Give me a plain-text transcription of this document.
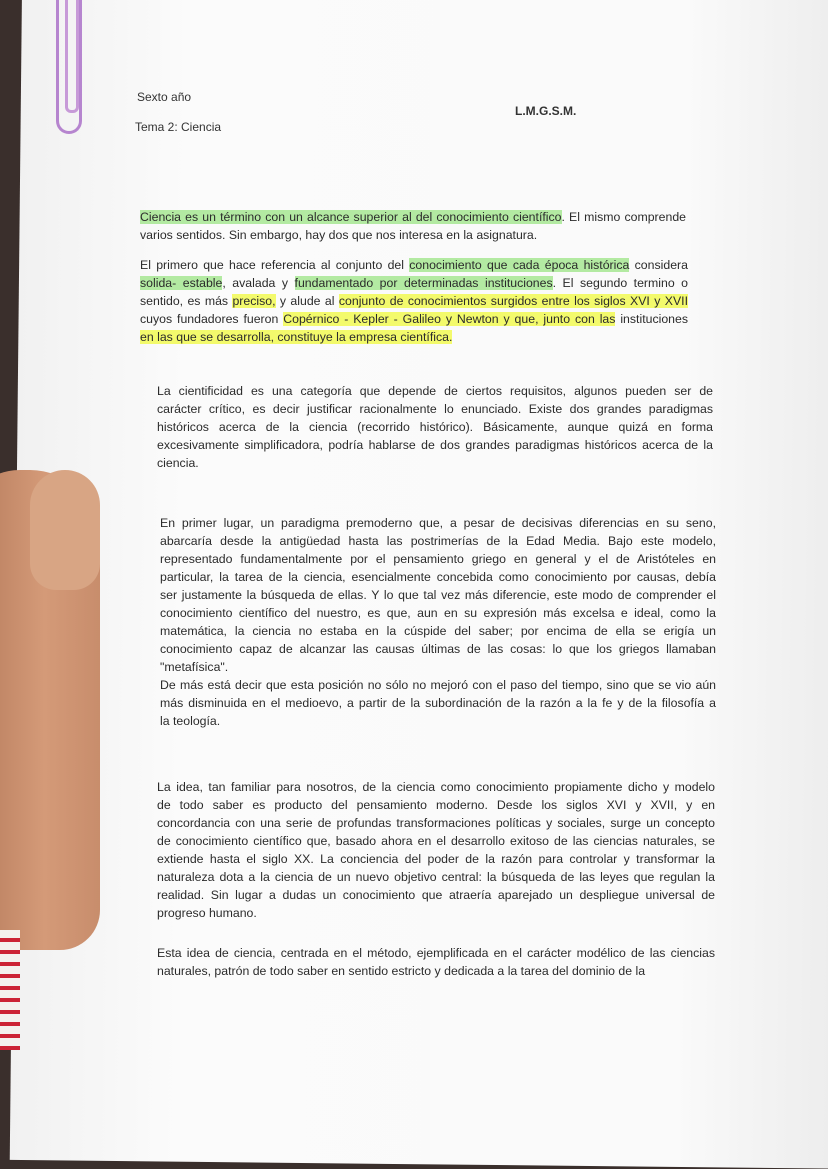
Sexto año
L.M.G.S.M.
Tema 2: Ciencia
Ciencia es un término con un alcance superior al del conocimiento científico. El mismo comprende
varios sentidos. Sin embargo, hay dos que nos interesa en la asignatura.
El primero que hace referencia al conjunto del conocimiento que cada época histórica considera
solida- estable, avalada y fundamentado por determinadas instituciones. El segundo termino o
sentido, es más preciso, y alude al conjunto de conocimientos surgidos entre los siglos XVI y XVII
cuyos fundadores fueron Copérnico - Kepler - Galileo y Newton y que, junto con las instituciones
en las que se desarrolla, constituye la empresa científica.
La cientificidad es una categoría que depende de ciertos requisitos, algunos pueden ser de
carácter crítico, es decir justificar racionalmente lo enunciado. Existe dos grandes paradigmas
históricos acerca de la ciencia (recorrido histórico). Básicamente, aunque quizá en forma
excesivamente simplificadora, podría hablarse de dos grandes paradigmas históricos acerca de la
ciencia.
En primer lugar, un paradigma premoderno que, a pesar de decisivas diferencias en su seno,
abarcaría desde la antigüedad hasta las postrimerías de la Edad Media. Bajo este modelo,
representado fundamentalmente por el pensamiento griego en general y el de Aristóteles en
particular, la tarea de la ciencia, esencialmente concebida como conocimiento por causas, debía
ser justamente la búsqueda de ellas. Y lo que tal vez más diferencie, este modo de comprender el
conocimiento científico del nuestro, es que, aun en su expresión más excelsa e ideal, como la
matemática, la ciencia no estaba en la cúspide del saber; por encima de ella se erigía un
conocimiento capaz de alcanzar las causas últimas de las cosas: lo que los griegos llamaban
"metafísica".
De más está decir que esta posición no sólo no mejoró con el paso del tiempo, sino que se vio aún
más disminuida en el medioevo, a partir de la subordinación de la razón a la fe y de la filosofía a
la teología.
La idea, tan familiar para nosotros, de la ciencia como conocimiento propiamente dicho y modelo
de todo saber es producto del pensamiento moderno. Desde los siglos XVI y XVII, y en
concordancia con una serie de profundas transformaciones políticas y sociales, surge un concepto
de conocimiento científico que, basado ahora en el desarrollo exitoso de las ciencias naturales, se
extiende hasta el siglo XX. La conciencia del poder de la razón para controlar y transformar la
naturaleza dota a la ciencia de un nuevo objetivo central: la búsqueda de las leyes que regulan la
realidad. Sin lugar a dudas un conocimiento que atraería aparejado un despliegue universal de
progreso humano.
Esta idea de ciencia, centrada en el método, ejemplificada en el carácter modélico de las ciencias
naturales, patrón de todo saber en sentido estricto y dedicada a la tarea del dominio de la
